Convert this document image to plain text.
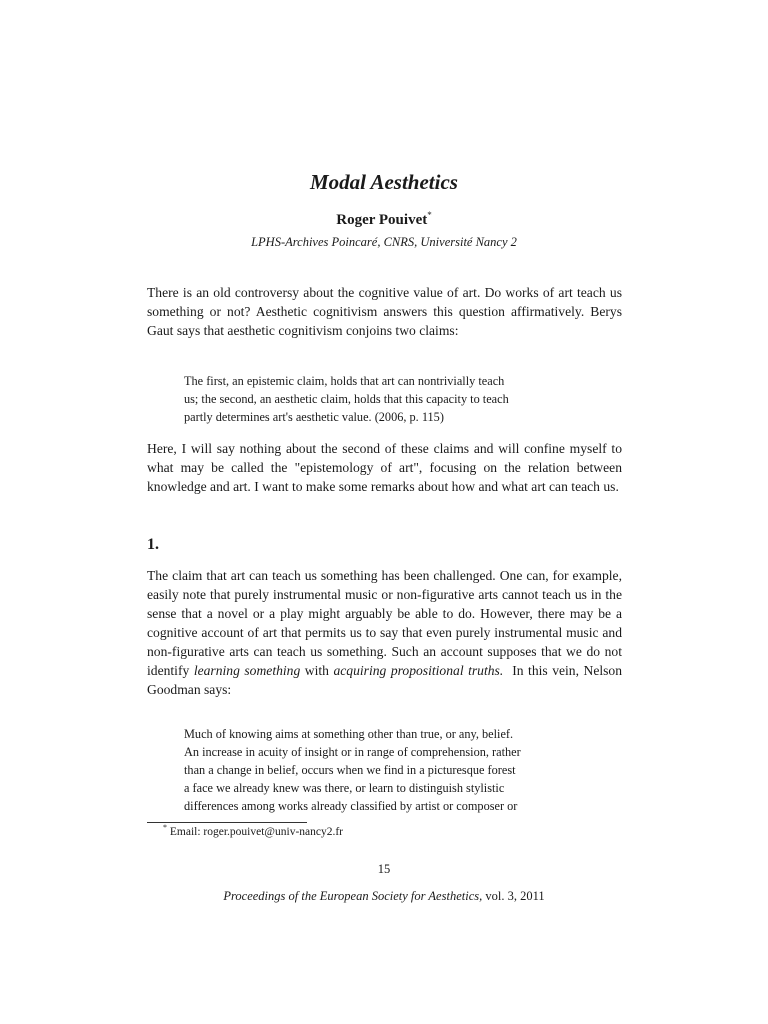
Modal Aesthetics
Roger Pouivet*
LPHS-Archives Poincaré, CNRS, Université Nancy 2

There is an old controversy about the cognitive value of art. Do works of art teach us something or not? Aesthetic cognitivism answers this question affirmatively. Berys Gaut says that aesthetic cognitivism conjoins two claims:

The first, an epistemic claim, holds that art can nontrivially teach
us; the second, an aesthetic claim, holds that this capacity to teach
partly determines art's aesthetic value. (2006, p. 115)

Here, I will say nothing about the second of these claims and will confine myself to what may be called the "epistemology of art", focusing on the relation between knowledge and art. I want to make some remarks about how and what art can teach us.

1.

The claim that art can teach us something has been challenged. One can, for example, easily note that purely instrumental music or non-figurative arts cannot teach us in the sense that a novel or a play might arguably be able to do. However, there may be a cognitive account of art that permits us to say that even purely instrumental music and non-figurative arts can teach us something. Such an account supposes that we do not identify learning something with acquiring propositional truths. In this vein, Nelson Goodman says:

Much of knowing aims at something other than true, or any, belief.
An increase in acuity of insight or in range of comprehension, rather
than a change in belief, occurs when we find in a picturesque forest
a face we already knew was there, or learn to distinguish stylistic
differences among works already classified by artist or composer or
* Email: roger.pouivet@univ-nancy2.fr
15
Proceedings of the European Society for Aesthetics, vol. 3, 2011
